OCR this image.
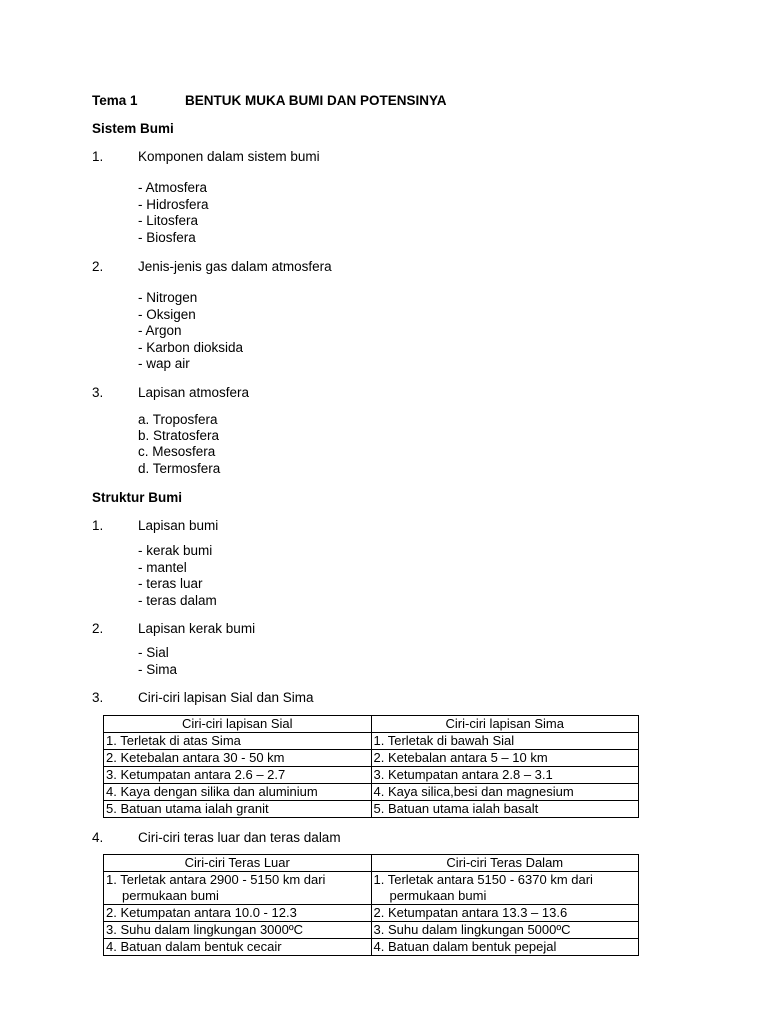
Tema 1	BENTUK MUKA BUMI DAN POTENSINYA
Sistem Bumi
1.	Komponen dalam sistem bumi
- Atmosfera
- Hidrosfera
- Litosfera
- Biosfera
2.	Jenis-jenis gas dalam atmosfera
- Nitrogen
- Oksigen
- Argon
- Karbon dioksida
- wap air
3.	Lapisan atmosfera
a. Troposfera
b. Stratosfera
c. Mesosfera
d. Termosfera
Struktur Bumi
1.	Lapisan bumi
- kerak bumi
- mantel
- teras luar
- teras dalam
2.	Lapisan kerak bumi
- Sial
- Sima
3.	Ciri-ciri lapisan Sial dan Sima
Ciri-ciri lapisan Sial	Ciri-ciri lapisan Sima
1. Terletak di atas Sima	1. Terletak di bawah Sial
2. Ketebalan antara 30 - 50 km	2. Ketebalan antara 5 – 10 km
3. Ketumpatan antara 2.6 – 2.7	3. Ketumpatan antara 2.8 – 3.1
4. Kaya dengan silika dan aluminium	4. Kaya silica,besi dan magnesium
5. Batuan utama ialah granit	5. Batuan utama ialah basalt
4.	Ciri-ciri teras luar dan teras dalam
Ciri-ciri Teras Luar	Ciri-ciri Teras Dalam
1. Terletak antara 2900 - 5150 km dari permukaan bumi	1. Terletak antara 5150 - 6370 km dari permukaan bumi
2. Ketumpatan antara 10.0 - 12.3	2. Ketumpatan antara 13.3 – 13.6
3. Suhu dalam lingkungan 3000ºC	3. Suhu dalam lingkungan 5000ºC
4. Batuan dalam bentuk cecair	4. Batuan dalam bentuk pepejal
